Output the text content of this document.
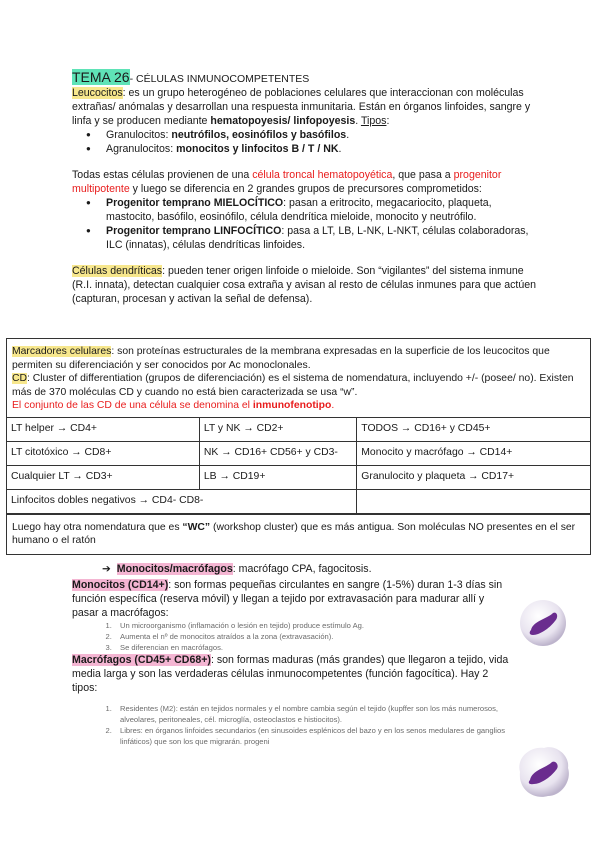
TEMA 26- CÉLULAS INMUNOCOMPETENTES

Leucocitos: es un grupo heterogéneo de poblaciones celulares que interaccionan con moléculas extrañas/ anómalas y desarrollan una respuesta inmunitaria. Están en órganos linfoides, sangre y linfa y se producen mediante hematopoyesis/ linfopoyesis. Tipos:

● Granulocitos: neutrófilos, eosinófilos y basófilos.
● Agranulocitos: monocitos y linfocitos B / T / NK.

Todas estas células provienen de una célula troncal hematopoyética, que pasa a progenitor multipotente y luego se diferencia en 2 grandes grupos de precursores comprometidos:

● Progenitor temprano MIELOCÍTICO: pasan a eritrocito, megacariocito, plaqueta, mastocito, basófilo, eosinófilo, célula dendrítica mieloide, monocito y neutrófilo.
● Progenitor temprano LINFOCÍTICO: pasa a LT, LB, L-NK, L-NKT, células colaboradoras, ILC (innatas), células dendríticas linfoides.

Células dendríticas: pueden tener origen linfoide o mieloide. Son “vigilantes” del sistema inmune (R.I. innata), detectan cualquier cosa extraña y avisan al resto de células inmunes para que actúen (capturan, procesan y activan la señal de defensa).

Marcadores celulares: son proteínas estructurales de la membrana expresadas en la superficie de los leucocitos que permiten su diferenciación y ser conocidos por Ac monoclonales.
CD: Cluster of differentiation (grupos de diferenciación) es el sistema de nomendatura, incluyendo +/- (posee/ no). Existen más de 370 moléculas CD y cuando no está bien caracterizada se usa “w”.
El conjunto de las CD de una célula se denomina el inmunofenotipo.
LT helper → CD4+	LT y NK → CD2+	TODOS → CD16+ y CD45+
LT citotóxico → CD8+	NK → CD16+ CD56+ y CD3-	Monocito y macrófago → CD14+
Cualquier LT → CD3+	LB → CD19+	Granulocito y plaqueta → CD17+
Linfocitos dobles negativos → CD4- CD8-		
Luego hay otra nomendatura que es “WC” (workshop cluster) que es más antigua. Son moléculas NO presentes en el ser humano o el ratón

➔ Monocitos/macrófagos: macrófago CPA, fagocitosis.

Monocitos (CD14+): son formas pequeñas circulantes en sangre (1-5%) duran 1-3 días sin función específica (reserva móvil) y llegan a tejido por extravasación para madurar allí y pasar a macrófagos:

1. Un microorganismo (inflamación o lesión en tejido) produce estímulo Ag.
2. Aumenta el nº de monocitos atraídos a la zona (extravasación).
3. Se diferencian en macrófagos.

Macrófagos (CD45+ CD68+): son formas maduras (más grandes) que llegaron a tejido, vida media larga y son las verdaderas células inmunocompetentes (función fagocítica). Hay 2 tipos:

1. Residentes (M2): están en tejidos normales y el nombre cambia según el tejido (kupffer son los más numerosos, alveolares, peritoneales, cél. microglía, osteoclastos e histiocitos).
2. Libres: en órganos linfoides secundarios (en sinusoides esplénicos del bazo y en los senos medulares de ganglios linfáticos) que son los que migrarán. progeni
